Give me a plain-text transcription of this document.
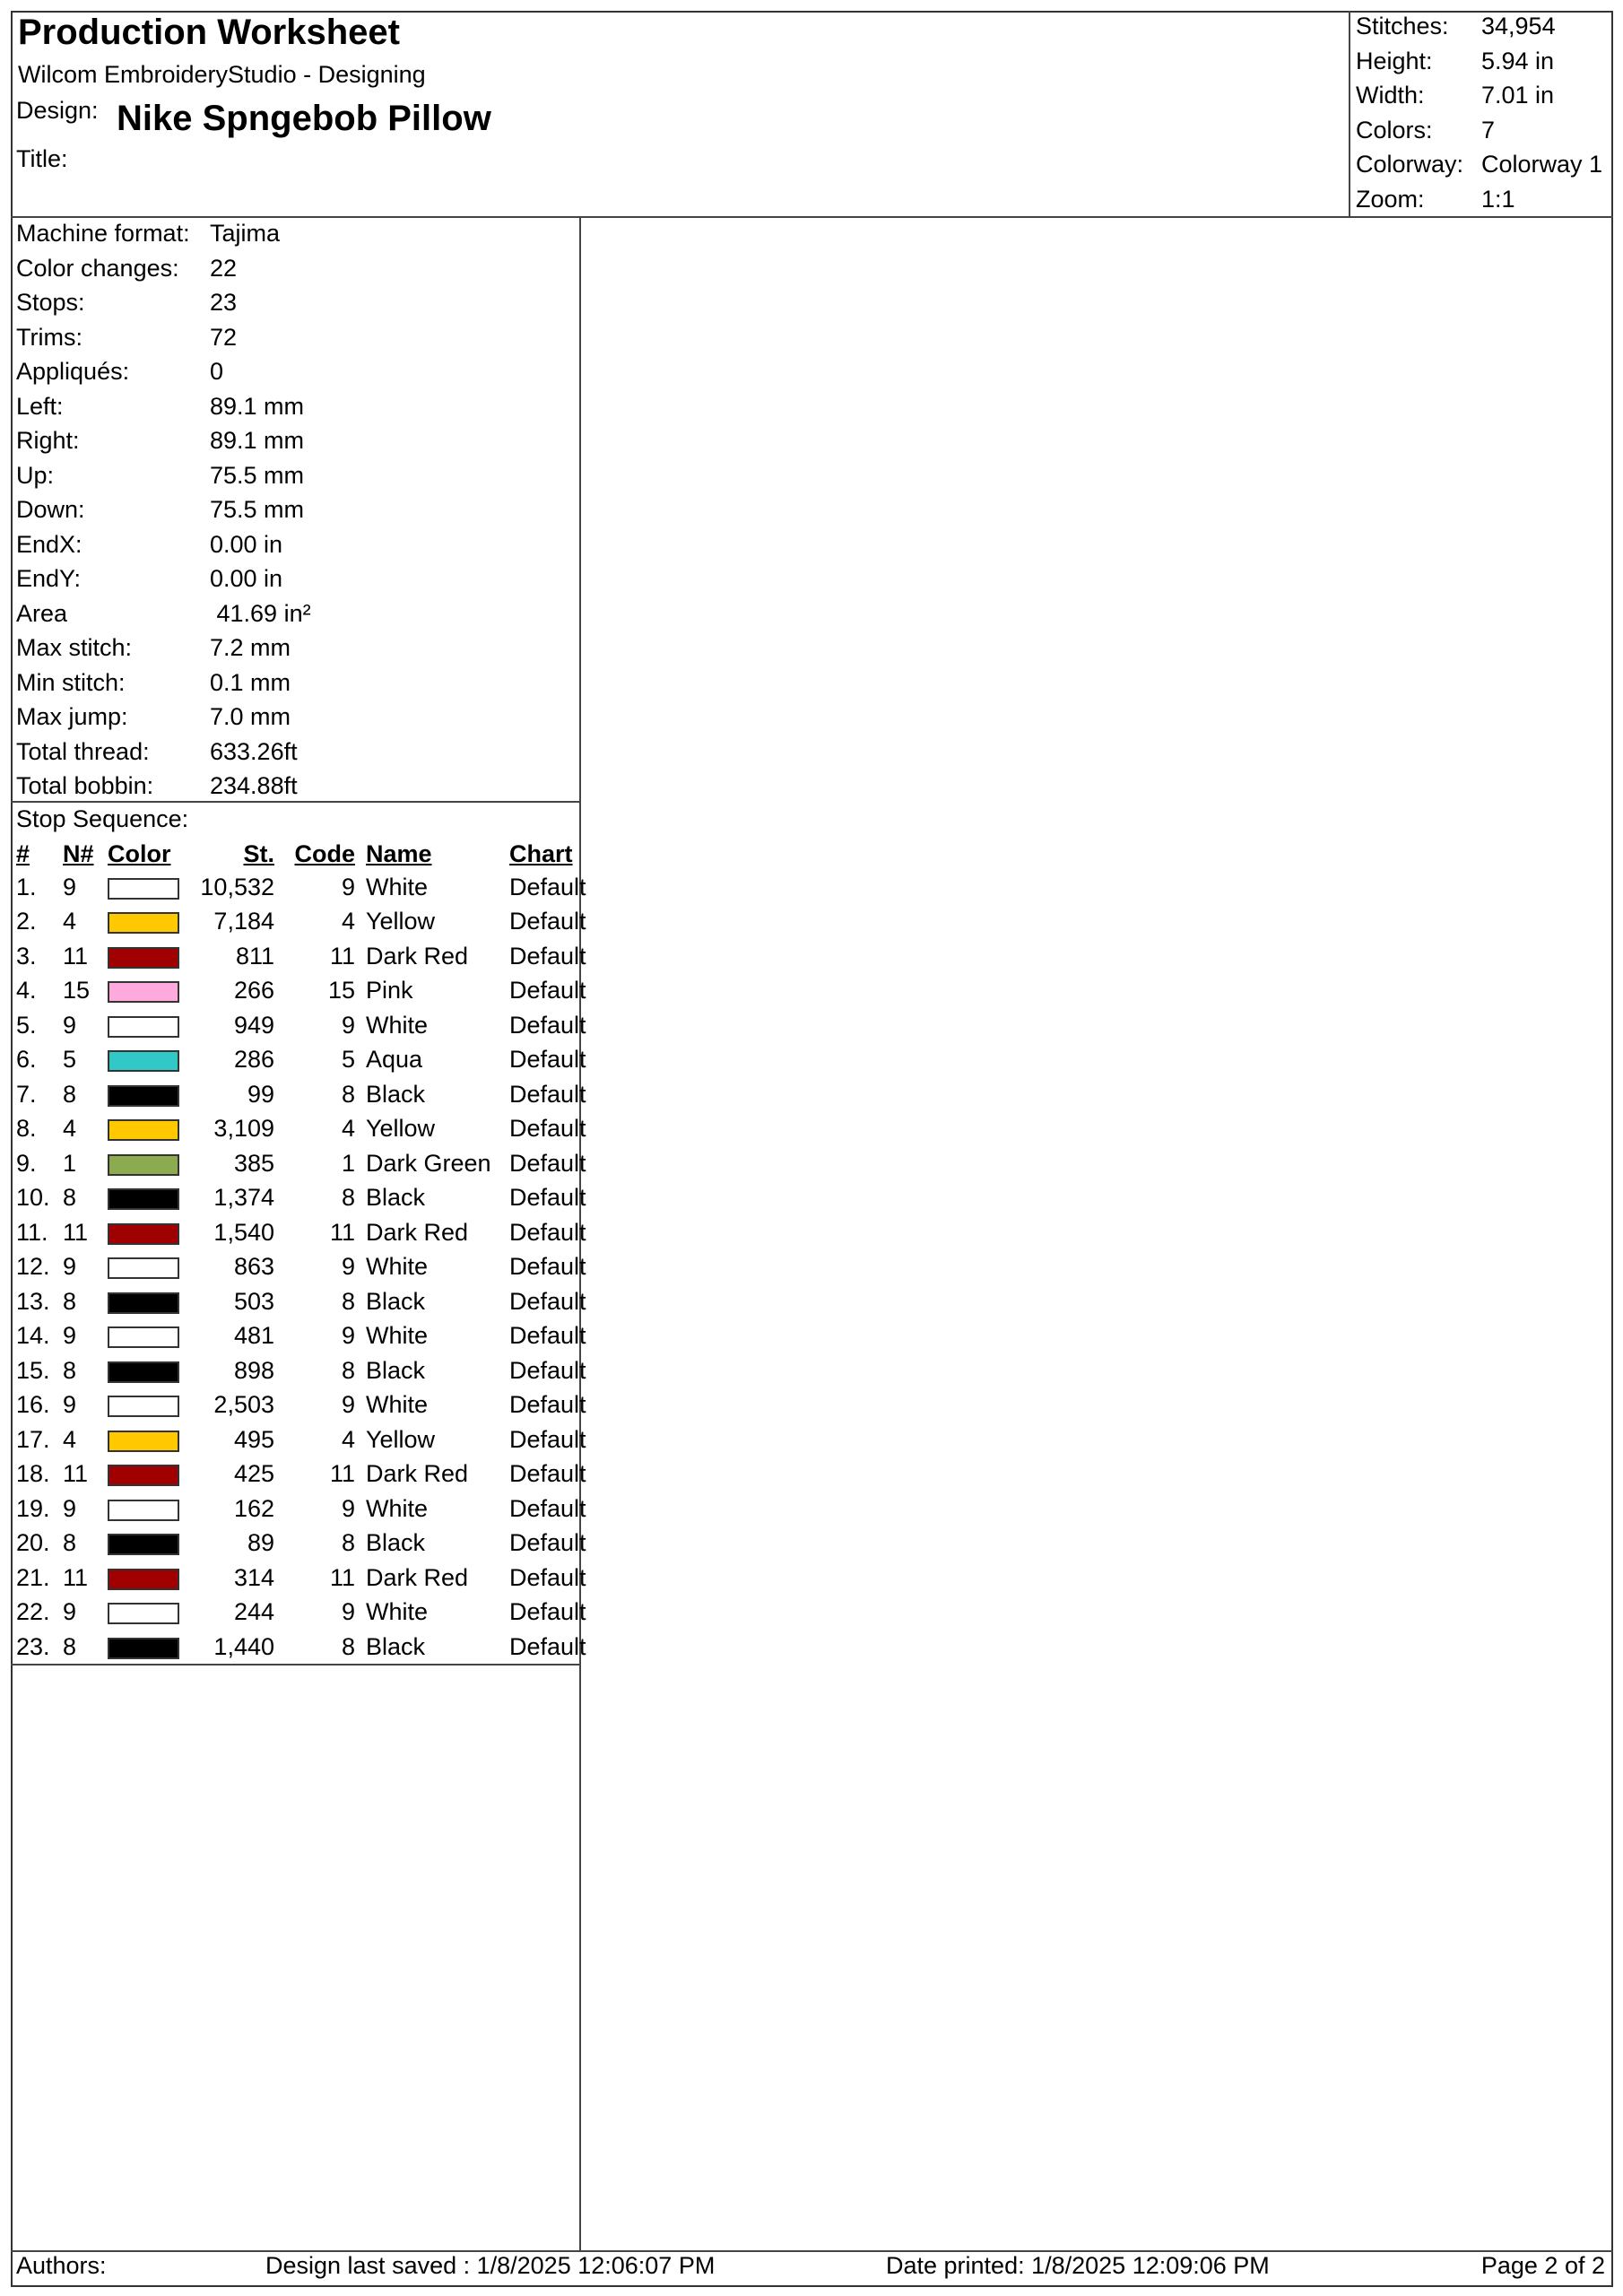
Production Worksheet
Wilcom EmbroideryStudio - Designing
Design: Nike Spngebob Pillow
Title:
Stitches: 34,954
Height: 5.94 in
Width: 7.01 in
Colors: 7
Colorway: Colorway 1
Zoom: 1:1
Machine format: Tajima
Color changes: 22
Stops:	23
Trims:	72
Appliqués:	0
Left:	89.1 mm
Right:	89.1 mm
Up:	75.5 mm
Down:	75.5 mm
EndX:	0.00 in
EndY:	0.00 in
Area	41.69 in²
Max stitch:	7.2 mm
Min stitch:	0.1 mm
Max jump:	7.0 mm
Total thread: 633.26ft
Total bobbin: 234.88ft
Stop Sequence:
#	N#	Color	St.	Code	Name	Chart
1.	9		10,532	9	White	Default
2.	4		7,184	4	Yellow	Default
3.	11		811	11	Dark Red	Default
4.	15		266	15	Pink	Default
5.	9		949	9	White	Default
6.	5		286	5	Aqua	Default
7.	8		99	8	Black	Default
8.	4		3,109	4	Yellow	Default
9.	1		385	1	Dark Green	Default
10.	8		1,374	8	Black	Default
11.	11		1,540	11	Dark Red	Default
12.	9		863	9	White	Default
13.	8		503	8	Black	Default
14.	9		481	9	White	Default
15.	8		898	8	Black	Default
16.	9		2,503	9	White	Default
17.	4		495	4	Yellow	Default
18.	11		425	11	Dark Red	Default
19.	9		162	9	White	Default
20.	8		89	8	Black	Default
21.	11		314	11	Dark Red	Default
22.	9		244	9	White	Default
23.	8		1,440	8	Black	Default
Authors:	Design last saved : 1/8/2025 12:06:07 PM	Date printed: 1/8/2025 12:09:06 PM	Page 2 of 2
